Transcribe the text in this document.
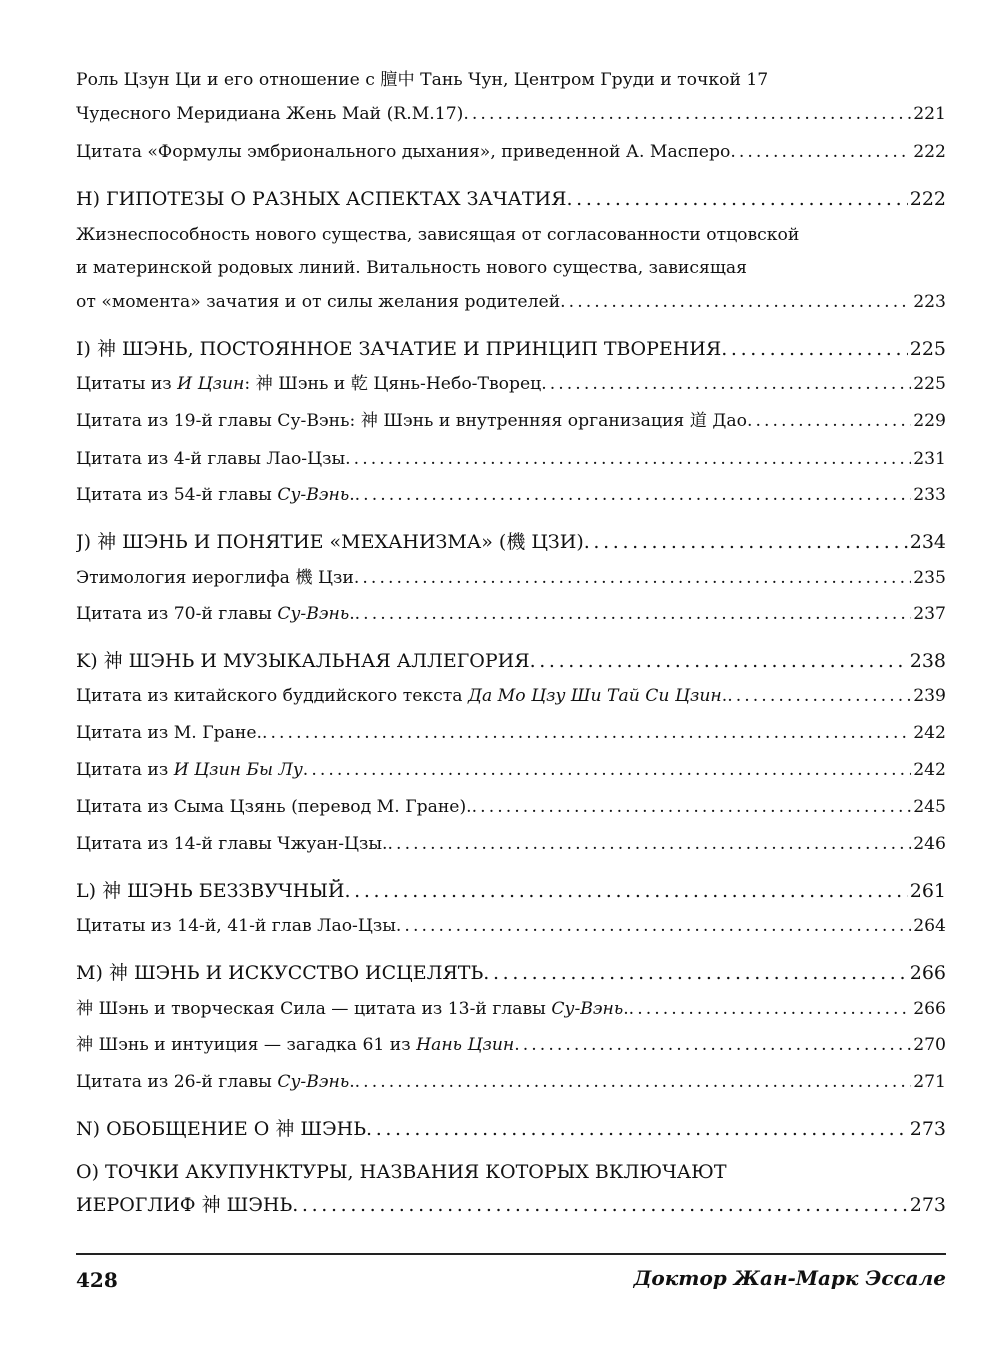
Роль Цзун Ци и его отношение с 膻中 Тань Чун, Центром Груди и точкой 17
Чудесного Меридиана Жень Май (R.M.17) . . .	221
Цитата «Формулы эмбрионального дыхания», приведенной А. Масперо . . .	222
H) ГИПОТЕЗЫ О РАЗНЫХ АСПЕКТАХ ЗАЧАТИЯ . . .	222
Жизнеспособность нового существа, зависящая от согласованности отцовской
и материнской родовых линий. Витальность нового существа, зависящая
от «момента» зачатия и от силы желания родителей . . .	223
I) 神 ШЭНЬ, ПОСТОЯННОЕ ЗАЧАТИЕ И ПРИНЦИП ТВОРЕНИЯ . . .	225
Цитаты из И Цзин: 神 Шэнь и 乾 Цянь-Небо-Творец . . .	225
Цитата из 19-й главы Су-Вэнь: 神 Шэнь и внутренняя организация 道 Дао . . .	229
Цитата из 4-й главы Лао-Цзы . . .	231
Цитата из 54-й главы Су-Вэнь. . . .	233
J) 神 ШЭНЬ И ПОНЯТИЕ «МЕХАНИЗМА» (機 ЦЗИ) . . .	234
Этимология иероглифа 機 Цзи . . .	235
Цитата из 70-й главы Су-Вэнь. . . .	237
K) 神 ШЭНЬ И МУЗЫКАЛЬНАЯ АЛЛЕГОРИЯ . . .	238
Цитата из китайского буддийского текста Да Мо Цзу Ши Тай Си Цзин. . . .	239
Цитата из М. Гране. . . .	242
Цитата из И Цзин Бы Лу . . .	242
Цитата из Сыма Цзянь (перевод М. Гране). . . .	245
Цитата из 14-й главы Чжуан-Цзы. . . .	246
L) 神 ШЭНЬ БЕЗЗВУЧНЫЙ . . .	261
Цитаты из 14-й, 41-й глав Лао-Цзы . . .	264
M) 神 ШЭНЬ И ИСКУССТВО ИСЦЕЛЯТЬ . . .	266
神 Шэнь и творческая Сила — цитата из 13-й главы Су-Вэнь. . . .	266
神 Шэнь и интуиция — загадка 61 из Нань Цзин . . .	270
Цитата из 26-й главы Су-Вэнь. . . .	271
N) ОБОБЩЕНИЕ О 神 ШЭНЬ . . .	273
O) ТОЧКИ АКУПУНКТУРЫ, НАЗВАНИЯ КОТОРЫХ ВКЛЮЧАЮТ
ИЕРОГЛИФ 神 ШЭНЬ . . .	273
428	Доктор Жан-Марк Эссале
